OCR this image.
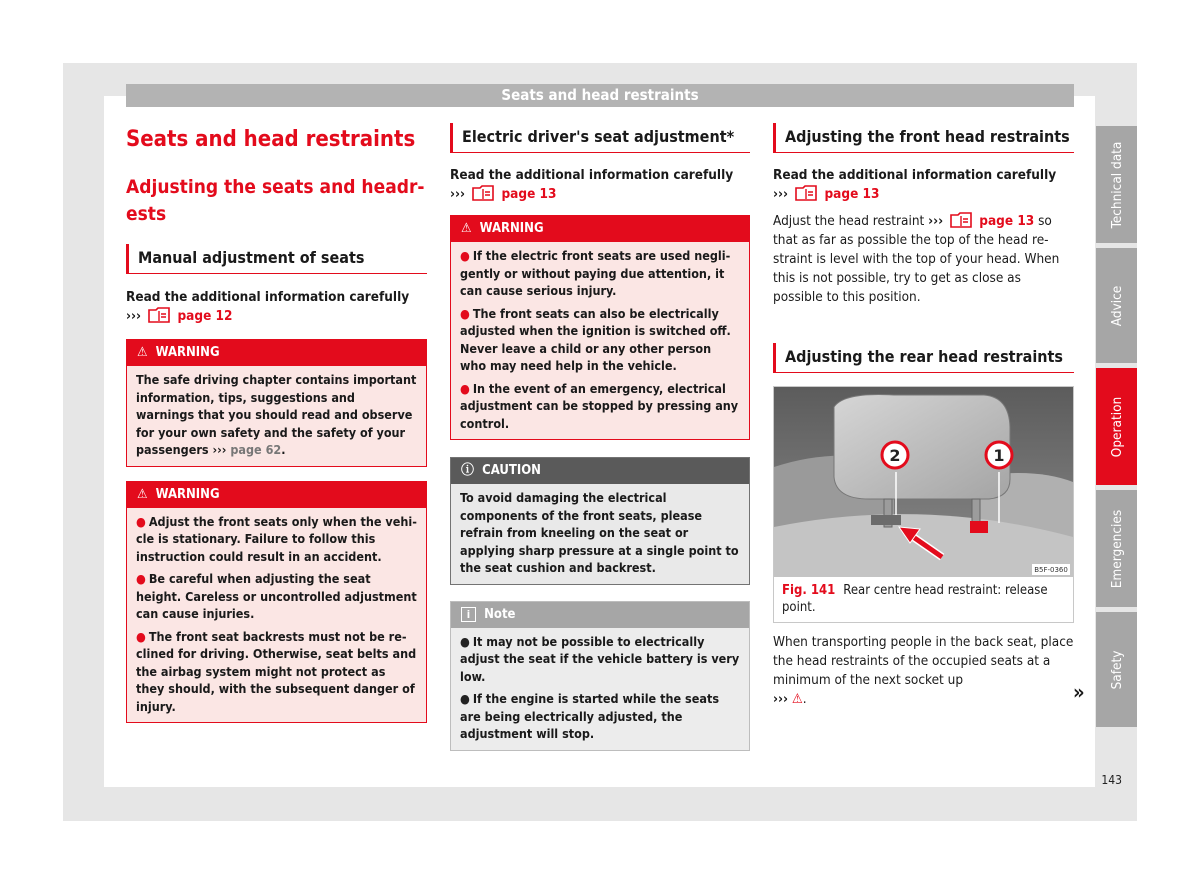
Seats and head restraints
Seats and head restraints
Adjusting the seats and headrests
Manual adjustment of seats
Read the additional information carefully
›››	page 12
⚠ WARNING
The safe driving chapter contains important information, tips, suggestions and warnings that you should read and observe for your own safety and the safety of your passengers ››› page 62.
⚠ WARNING

● Adjust the front seats only when the vehicle is stationary. Failure to follow this instruction could result in an accident.

● Be careful when adjusting the seat height. Careless or uncontrolled adjustment can cause injuries.

● The front seat backrests must not be reclined for driving. Otherwise, seat belts and the airbag system might not protect as they should, with the subsequent danger of injury.

Electric driver's seat adjustment*
Read the additional information carefully
›››	page 13
⚠ WARNING

● If the electric front seats are used negligently or without paying due attention, it can cause serious injury.

● The front seats can also be electrically adjusted when the ignition is switched off. Never leave a child or any other person who may need help in the vehicle.

● In the event of an emergency, electrical adjustment can be stopped by pressing any control.

ⓘ CAUTION
To avoid damaging the electrical components of the front seats, please refrain from kneeling on the seat or applying sharp pressure at a single point to the seat cushion and backrest.
i Note

● It may not be possible to electrically adjust the seat if the vehicle battery is very low.

● If the engine is started while the seats are being electrically adjusted, the adjustment will stop.

Adjusting the front head restraints
Read the additional information carefully
›››	page 13
Adjust the head restraint ›››	page 13 so that as far as possible the top of the head restraint is level with the top of your head. When this is not possible, try to get as close as possible to this position.
Adjusting the rear head restraints
2	1
B5F-0360
Fig. 141 Rear centre head restraint: release point.
When transporting people in the back seat, place the head restraints of the occupied seats at a minimum of the next socket up
››› ⚠.	»
Technical data
Advice
Operation
Emergencies
Safety
143
